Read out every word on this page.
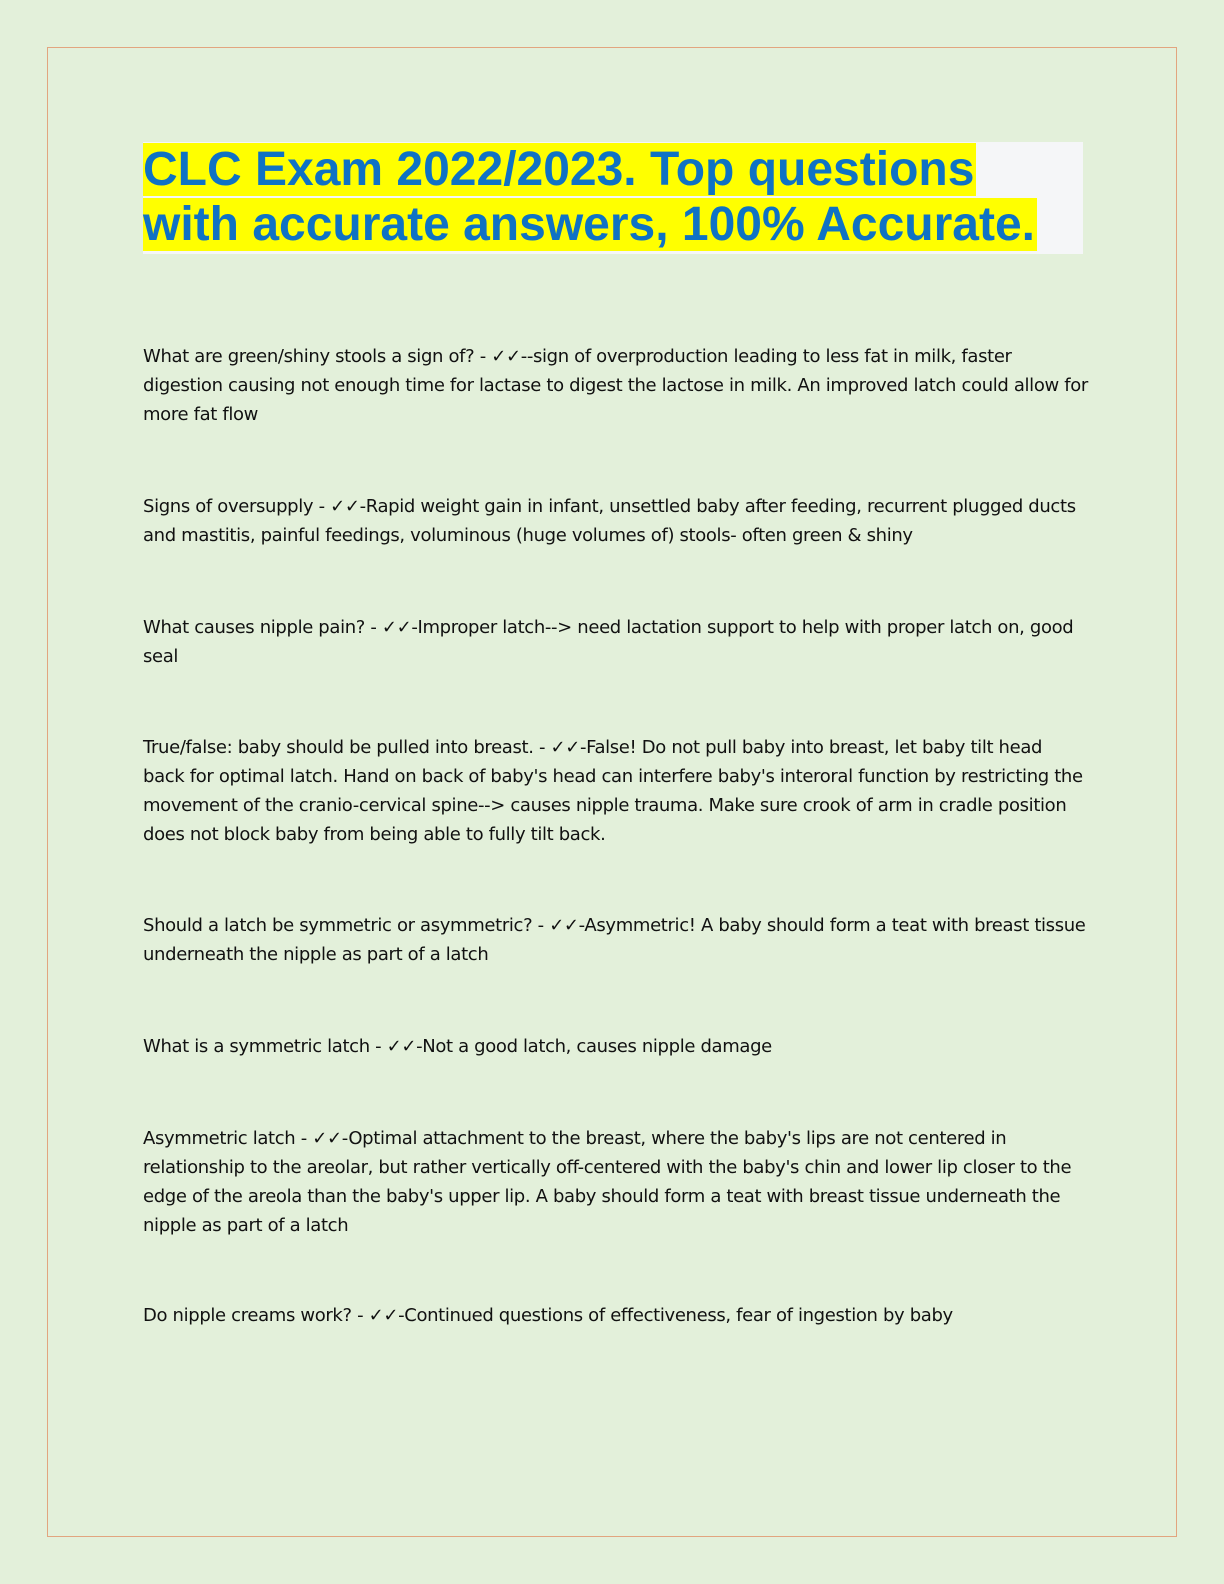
CLC Exam 2022/2023. Top questions
with accurate answers, 100% Accurate.

What are green/shiny stools a sign of? - ✓✓--sign of overproduction leading to less fat in milk, faster digestion causing not enough time for lactase to digest the lactose in milk. An improved latch could allow for more fat flow

Signs of oversupply - ✓✓-Rapid weight gain in infant, unsettled baby after feeding, recurrent plugged ducts and mastitis, painful feedings, voluminous (huge volumes of) stools- often green & shiny

What causes nipple pain? - ✓✓-Improper latch--> need lactation support to help with proper latch on, good seal

True/false: baby should be pulled into breast. - ✓✓-False! Do not pull baby into breast, let baby tilt head back for optimal latch. Hand on back of baby's head can interfere baby's interoral function by restricting the movement of the cranio-cervical spine--> causes nipple trauma. Make sure crook of arm in cradle position does not block baby from being able to fully tilt back.

Should a latch be symmetric or asymmetric? - ✓✓-Asymmetric! A baby should form a teat with breast tissue underneath the nipple as part of a latch

What is a symmetric latch - ✓✓-Not a good latch, causes nipple damage

Asymmetric latch - ✓✓-Optimal attachment to the breast, where the baby's lips are not centered in relationship to the areolar, but rather vertically off-centered with the baby's chin and lower lip closer to the edge of the areola than the baby's upper lip. A baby should form a teat with breast tissue underneath the nipple as part of a latch

Do nipple creams work? - ✓✓-Continued questions of effectiveness, fear of ingestion by baby
